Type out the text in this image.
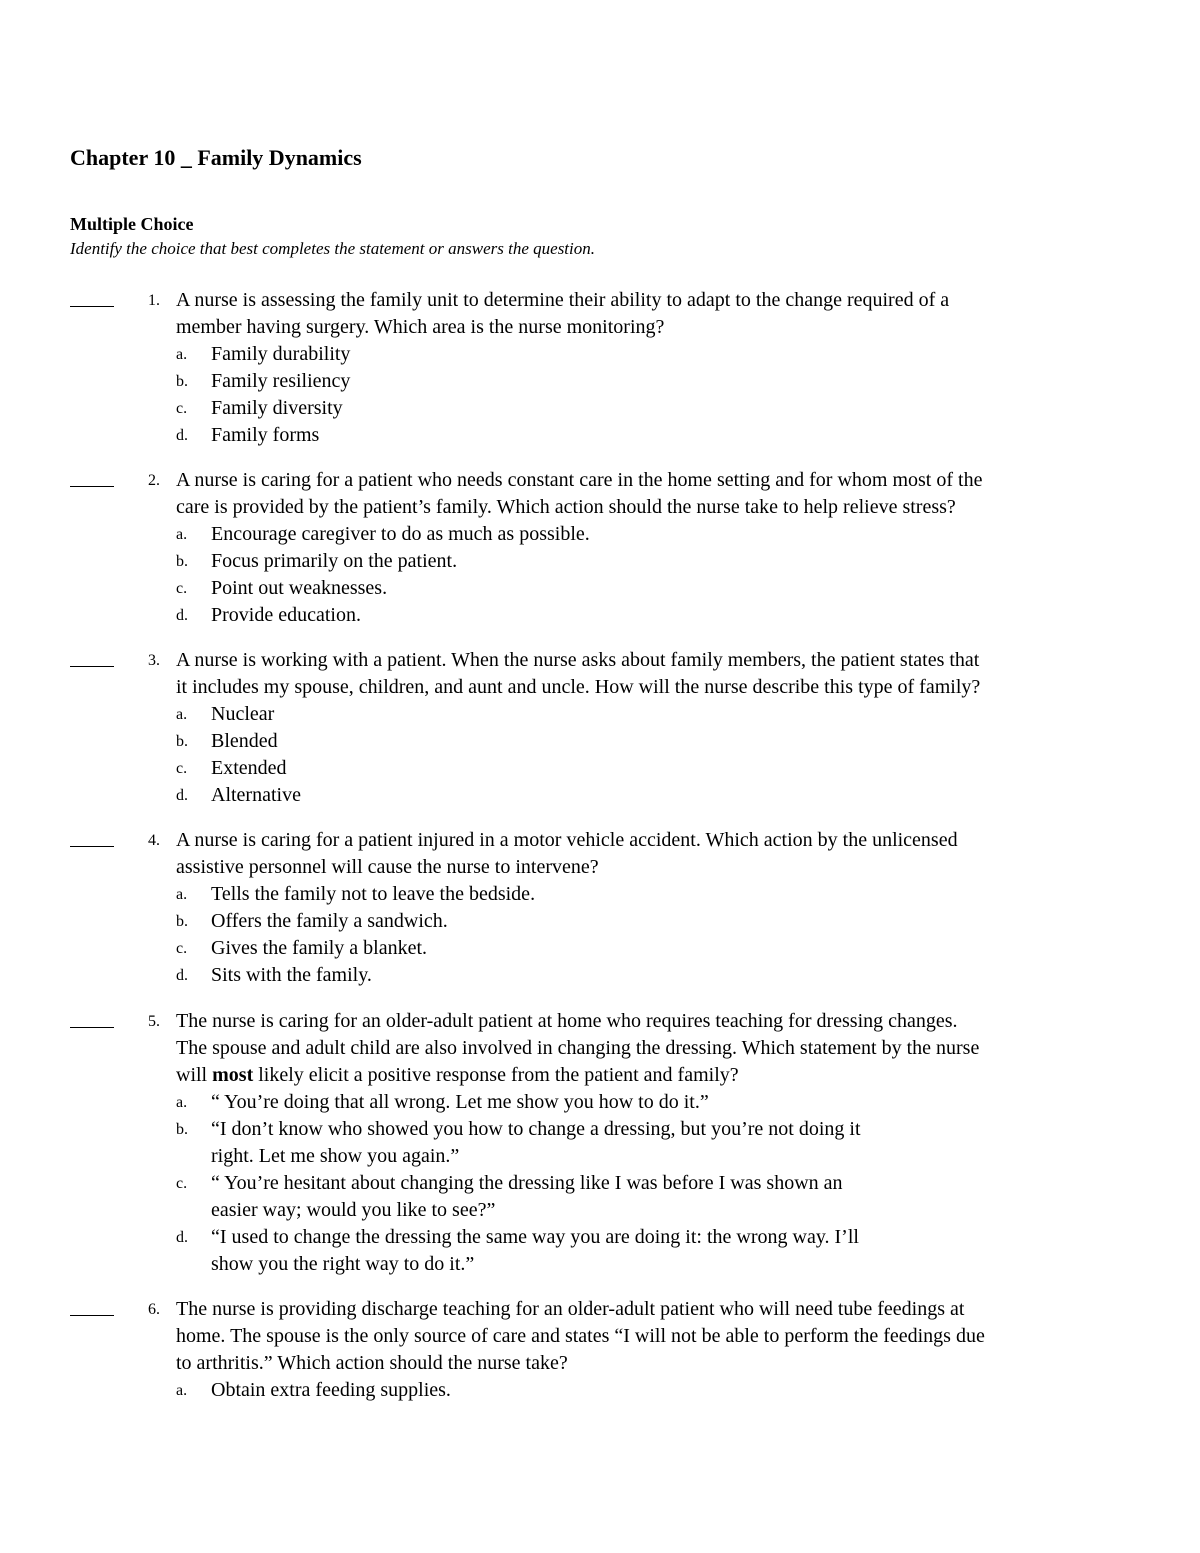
Chapter 10 _ Family Dynamics
Multiple Choice
Identify the choice that best completes the statement or answers the question.
1. A nurse is assessing the family unit to determine their ability to adapt to the change required of a
member having surgery. Which area is the nurse monitoring?
a.	Family durability
b.	Family resiliency
c.	Family diversity
d.	Family forms
2. A nurse is caring for a patient who needs constant care in the home setting and for whom most of the
care is provided by the patient’s family. Which action should the nurse take to help relieve stress?
a.	Encourage caregiver to do as much as possible.
b.	Focus primarily on the patient.
c.	Point out weaknesses.
d.	Provide education.
3. A nurse is working with a patient. When the nurse asks about family members, the patient states that
it includes my spouse, children, and aunt and uncle. How will the nurse describe this type of family?
a.	Nuclear
b.	Blended
c.	Extended
d.	Alternative
4. A nurse is caring for a patient injured in a motor vehicle accident. Which action by the unlicensed
assistive personnel will cause the nurse to intervene?
a.	Tells the family not to leave the bedside.
b.	Offers the family a sandwich.
c.	Gives the family a blanket.
d.	Sits with the family.
5. The nurse is caring for an older-adult patient at home who requires teaching for dressing changes.
The spouse and adult child are also involved in changing the dressing. Which statement by the nurse
will most likely elicit a positive response from the patient and family?
a.	“ You’re doing that all wrong. Let me show you how to do it.”
b.	“I don’t know who showed you how to change a dressing, but you’re not doing it
right. Let me show you again.”
c.	“ You’re hesitant about changing the dressing like I was before I was shown an
easier way; would you like to see?”
d.	“I used to change the dressing the same way you are doing it: the wrong way. I’ll
show you the right way to do it.”
6. The nurse is providing discharge teaching for an older-adult patient who will need tube feedings at
home. The spouse is the only source of care and states “I will not be able to perform the feedings due
to arthritis.” Which action should the nurse take?
a.	Obtain extra feeding supplies.
